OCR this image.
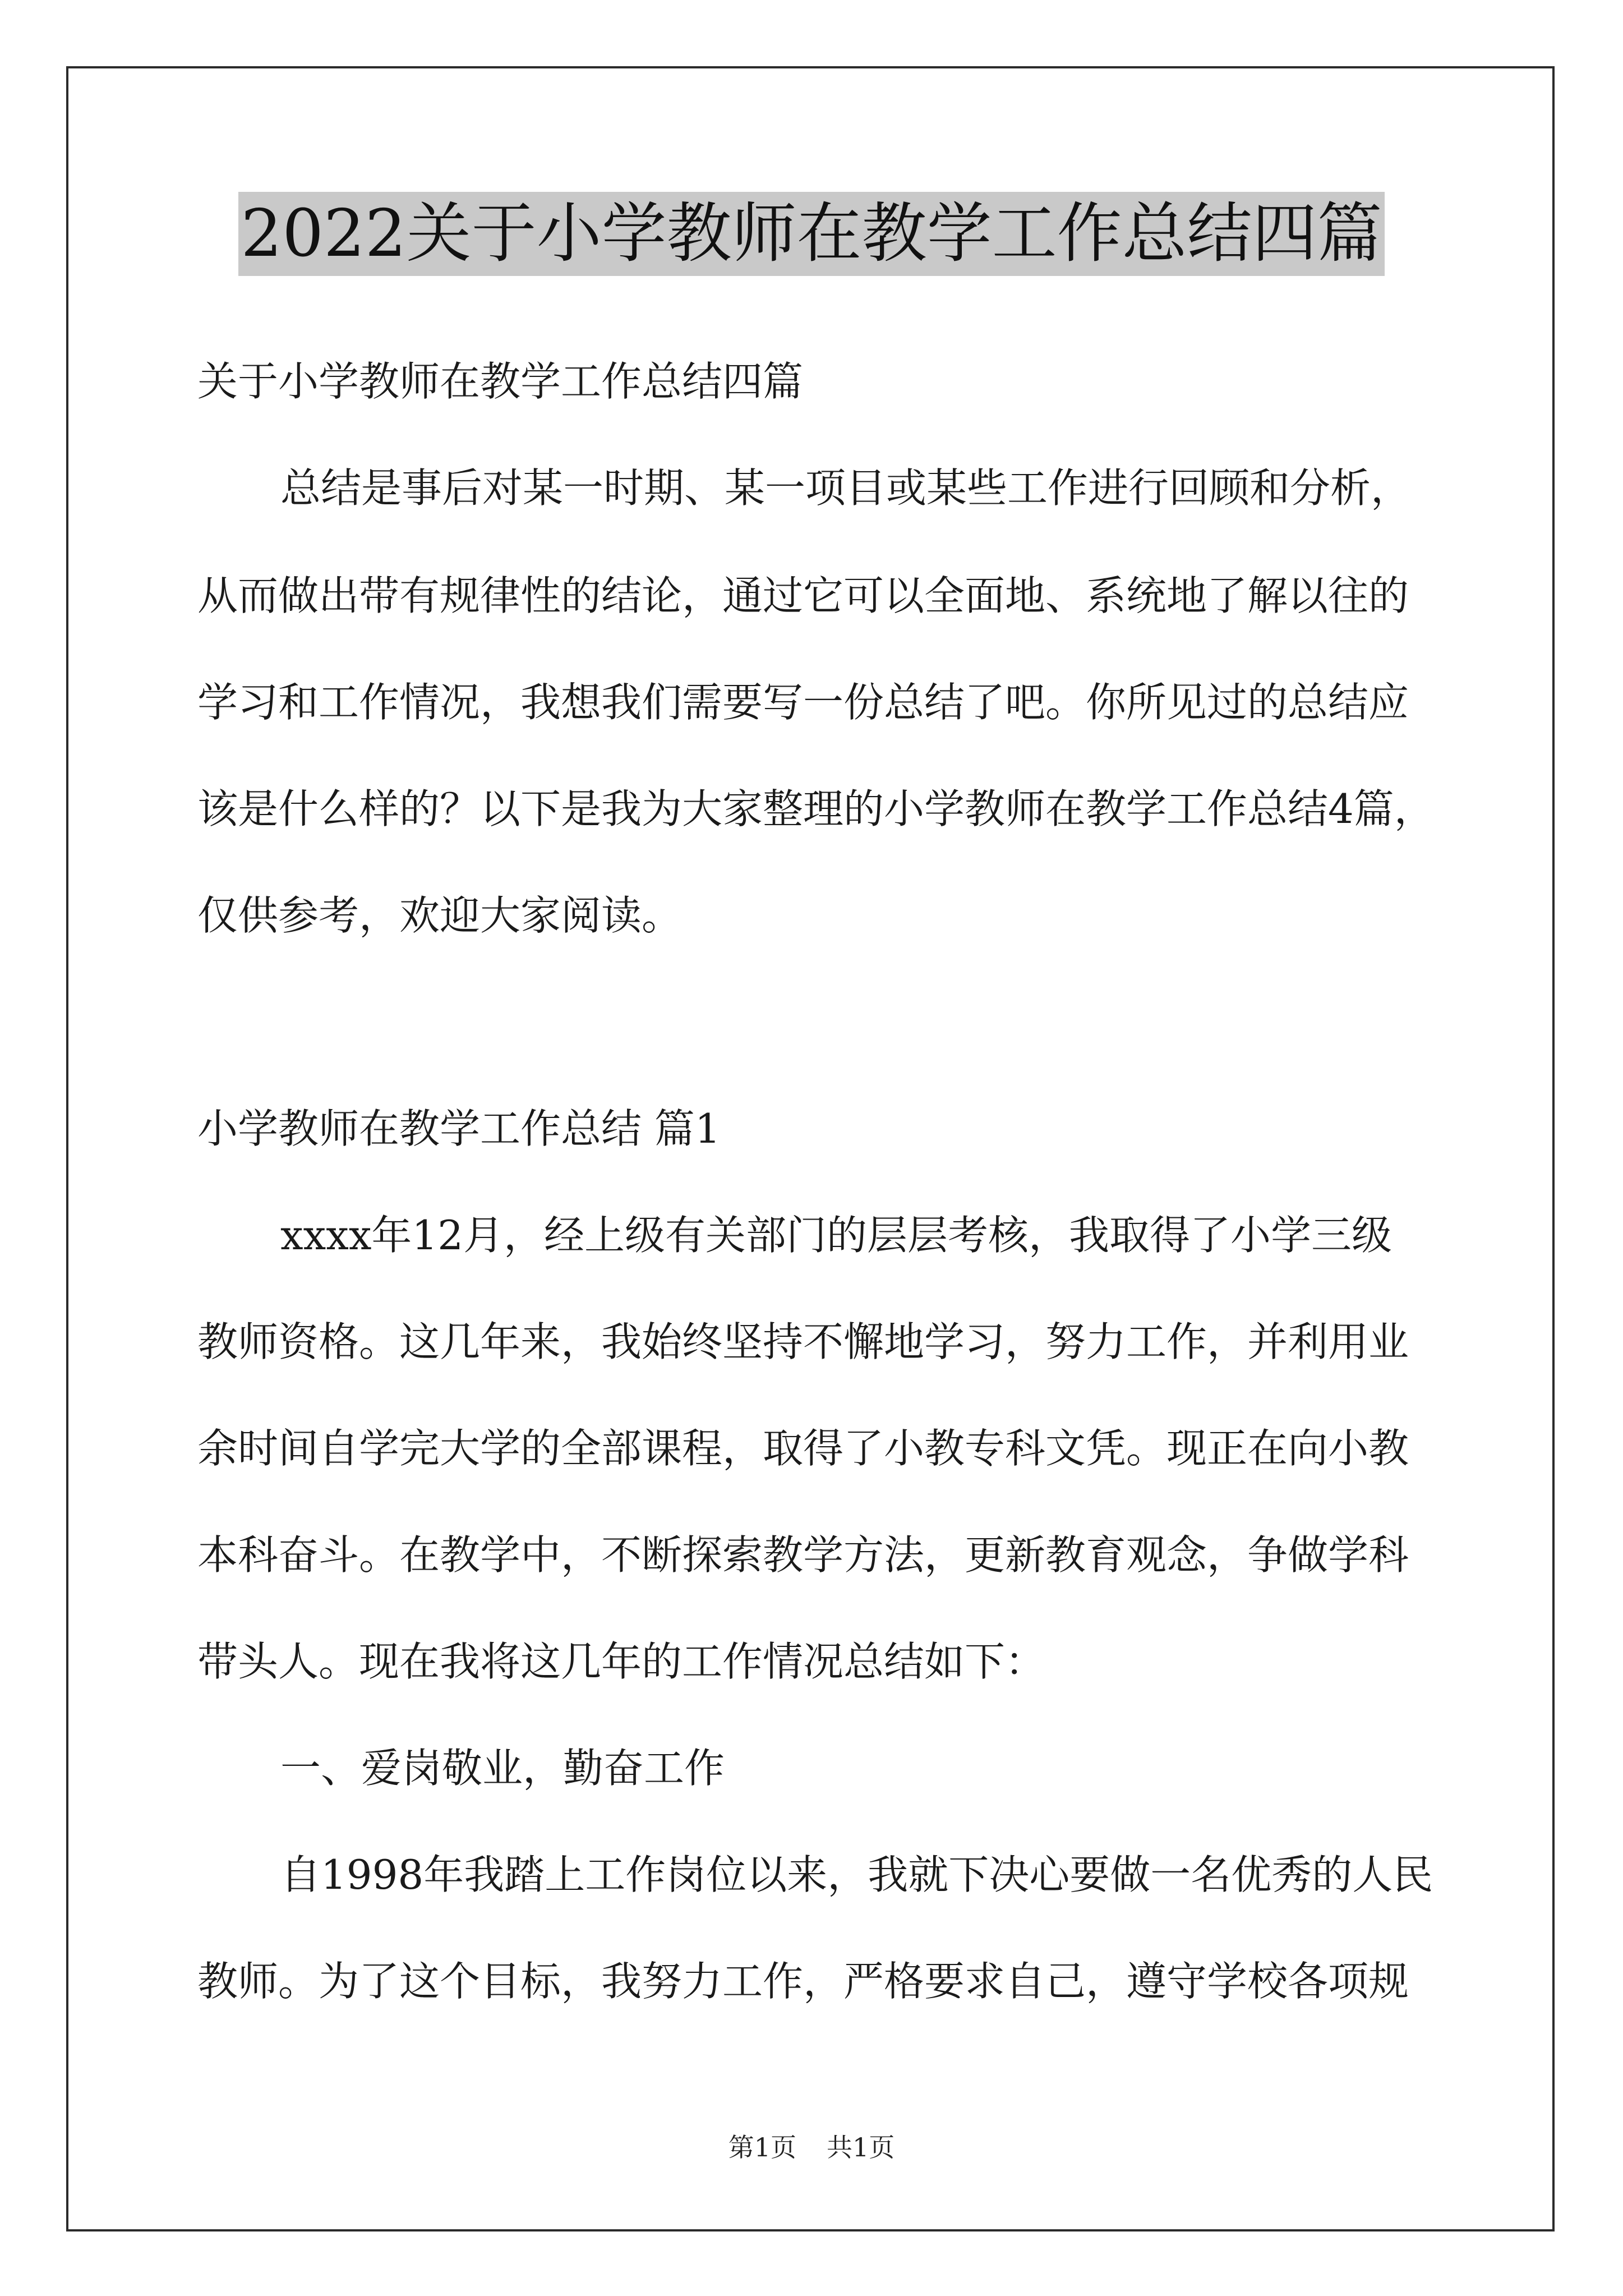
2022关于小学教师在教学工作总结四篇
关于小学教师在教学工作总结四篇
总结是事后对某一时期、某一项目或某些工作进行回顾和分析，
从而做出带有规律性的结论，通过它可以全面地、系统地了解以往的
学习和工作情况，我想我们需要写一份总结了吧。你所见过的总结应
该是什么样的？以下是我为大家整理的小学教师在教学工作总结4篇，
仅供参考，欢迎大家阅读。
小学教师在教学工作总结 篇1
xxxx年12月，经上级有关部门的层层考核，我取得了小学三级
教师资格。这几年来，我始终坚持不懈地学习，努力工作，并利用业
余时间自学完大学的全部课程，取得了小教专科文凭。现正在向小教
本科奋斗。在教学中，不断探索教学方法，更新教育观念，争做学科
带头人。现在我将这几年的工作情况总结如下：
一、爱岗敬业，勤奋工作
自1998年我踏上工作岗位以来，我就下决心要做一名优秀的人民
教师。为了这个目标，我努力工作，严格要求自己，遵守学校各项规
第1页 共1页
